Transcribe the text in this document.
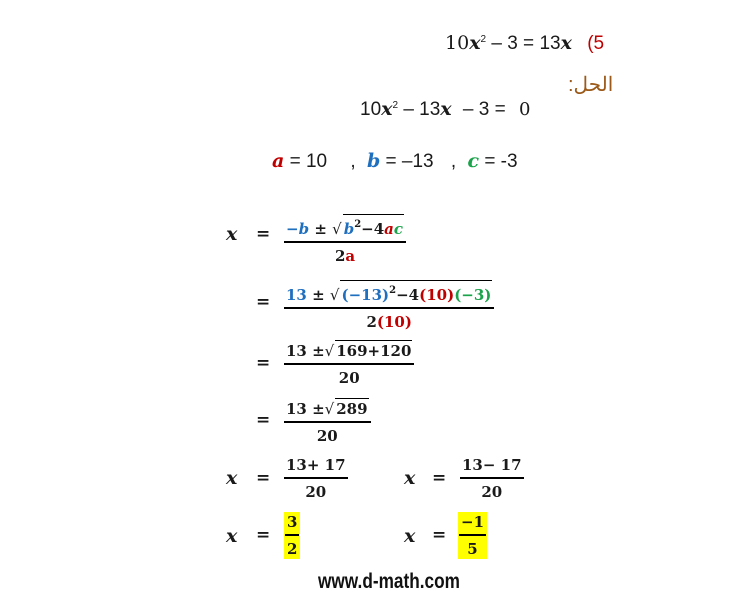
10𝒙$^2$ – 3 = 13𝒙 (5
الحل:
10𝒙$^2$ – 13𝒙 – 3 = 0
a = 10 , b = –13 , c = -3
𝒙 = −b ± √ $b^2-4ac$
2a
= 13 ± √ $(-13)^2-4(10)(-3)$
2(10)
=
13 ±√ 169+120
20
=
13 ±√ 289
20
𝒙 =
13+ 17
20
𝒙 =
13− 17
20
𝒙 =
3
2
𝒙 =
−1
5
www.d-math.com
